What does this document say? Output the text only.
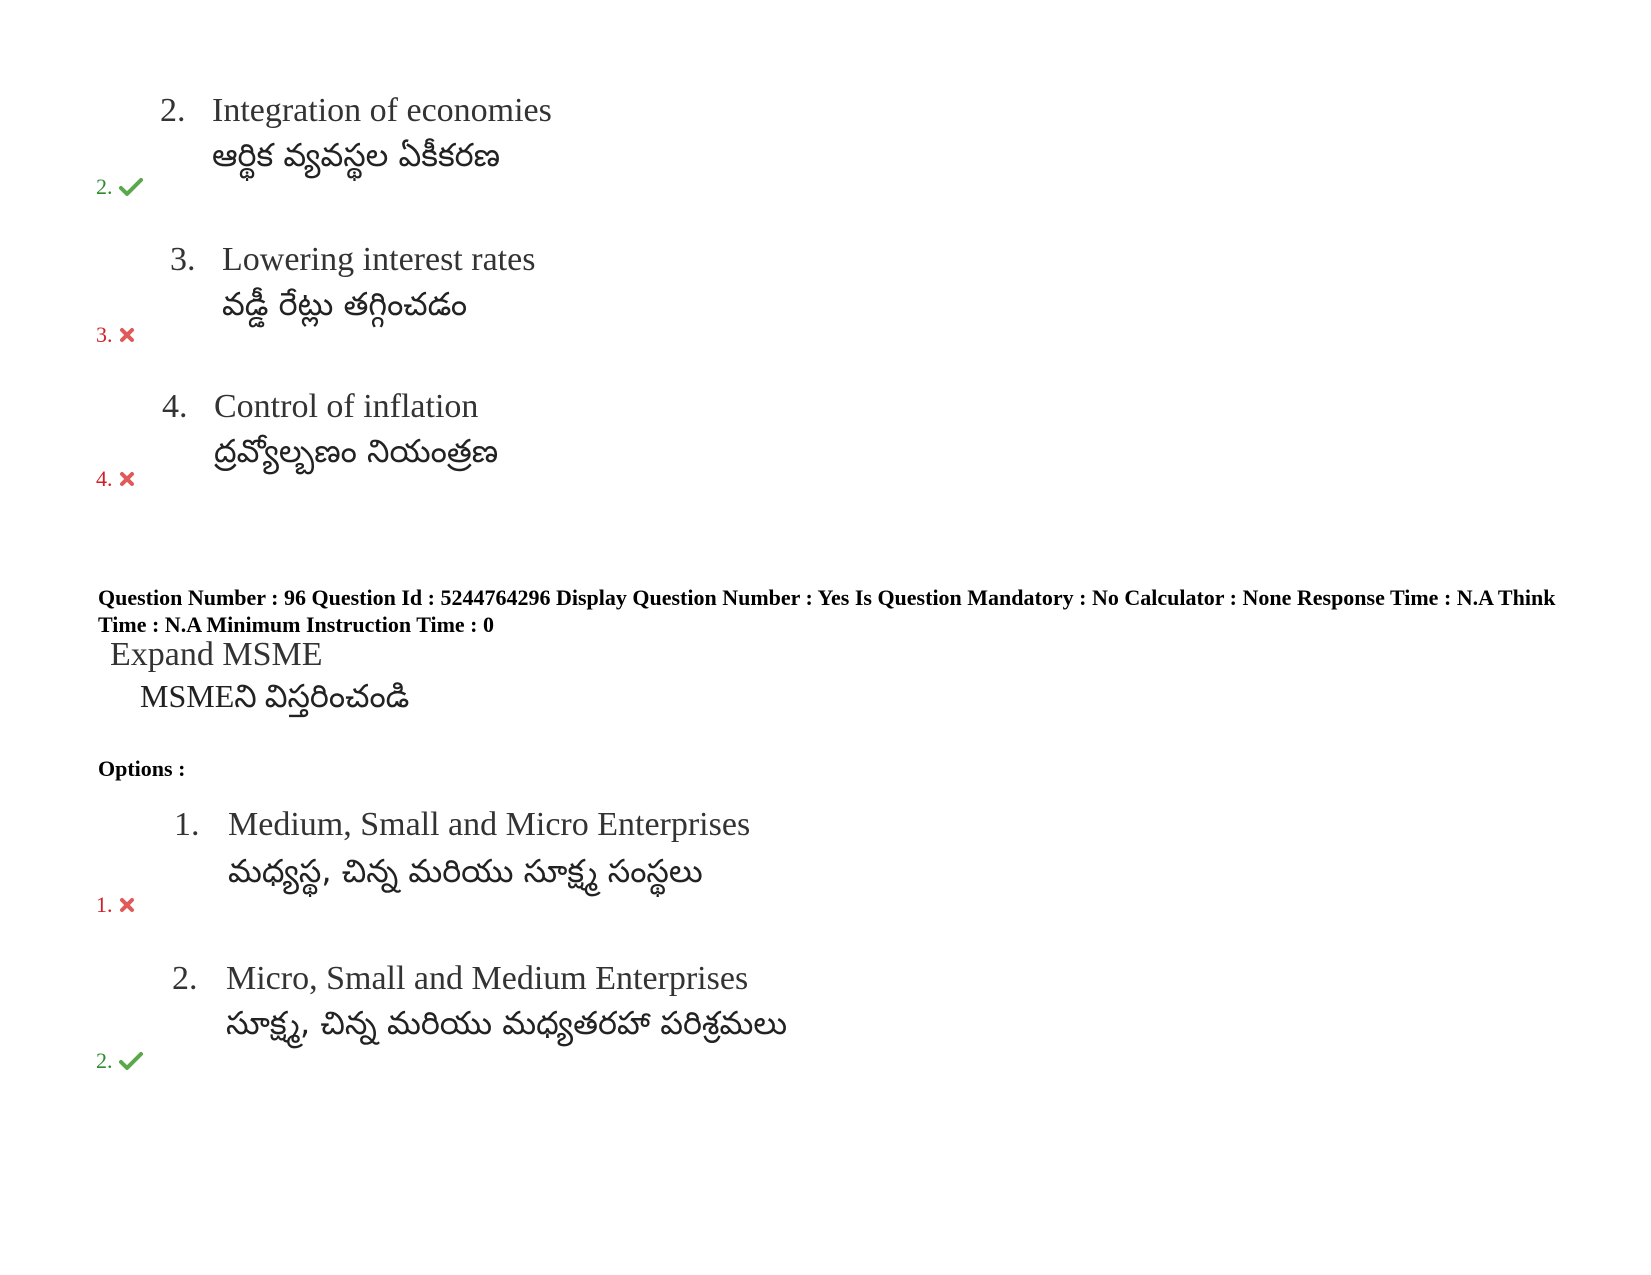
2. Integration of economies
ఆర్థిక వ్యవస్థల ఏకీకరణ
2.
3. Lowering interest rates
వడ్డీ రేట్లు తగ్గించడం
3.
4. Control of inflation
ద్రవ్యోల్బణం నియంత్రణ
4.
Question Number : 96 Question Id : 5244764296 Display Question Number : Yes Is Question Mandatory : No Calculator : None Response Time : N.A Think Time : N.A Minimum Instruction Time : 0
Expand MSME
MSMEని విస్తరించండి
Options :
1. Medium, Small and Micro Enterprises
మధ్యస్థ, చిన్న మరియు సూక్ష్మ సంస్థలు
1.
2. Micro, Small and Medium Enterprises
సూక్ష్మ, చిన్న మరియు మధ్యతరహా పరిశ్రమలు
2.
